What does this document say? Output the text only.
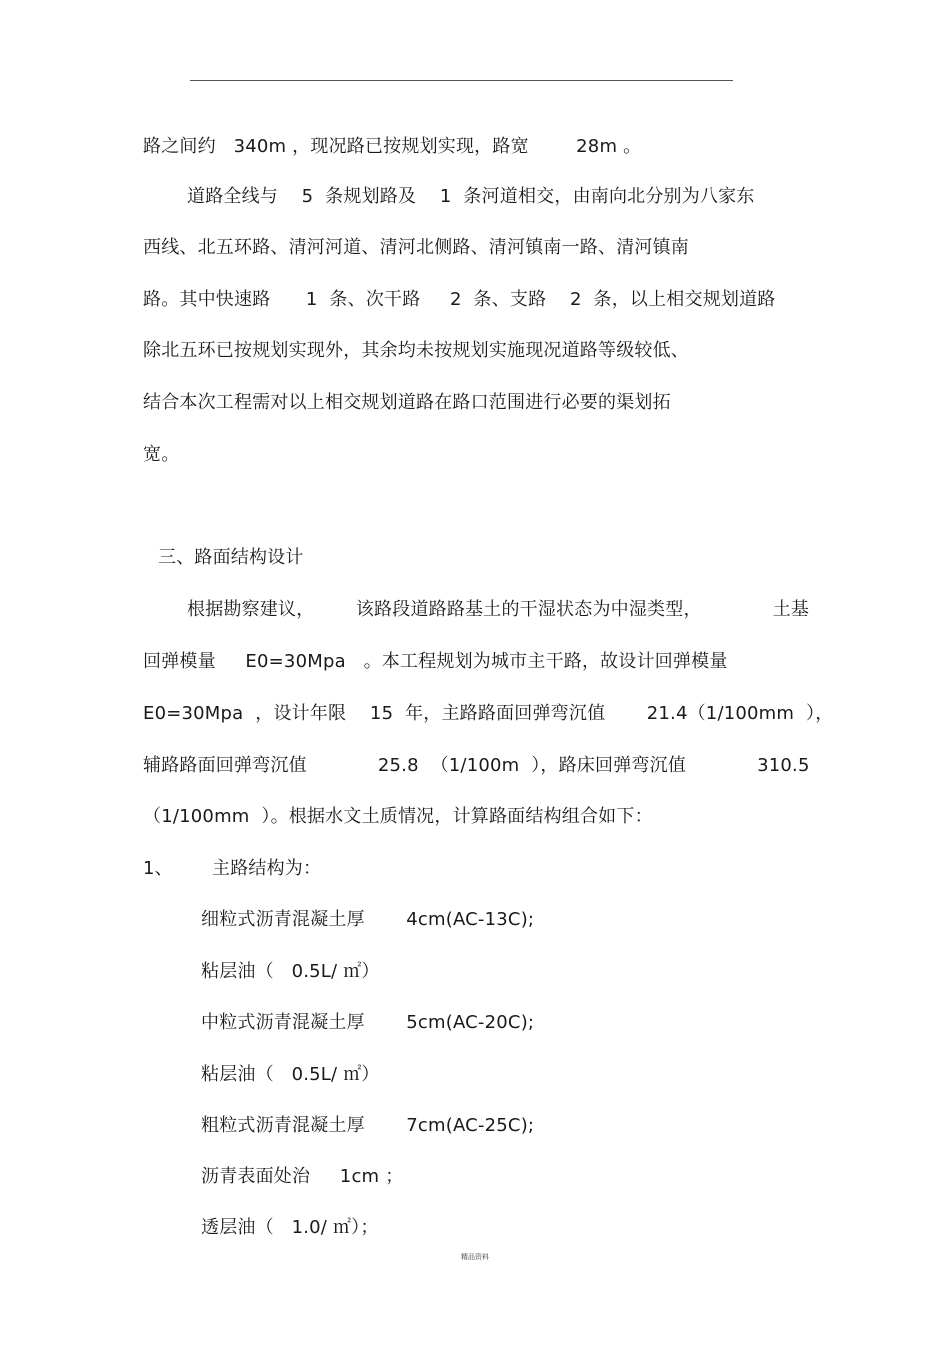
路之间约   340m ，现况路已按规划实现，路宽        28m 。
道路全线与    5  条规划路及    1  条河道相交，由南向北分别为八家东
西线、北五环路、清河河道、清河北侧路、清河镇南一路、清河镇南
路。其中快速路      1  条、次干路     2  条、支路    2  条，以上相交规划道路
除北五环已按规划实现外，其余均未按规划实施现况道路等级较低、
结合本次工程需对以上相交规划道路在路口范围进行必要的渠划拓
宽。
三、路面结构设计
根据勘察建议，       该路段道路路基土的干湿状态为中湿类型，            土基
回弹模量     E0=30Mpa   。本工程规划为城市主干路，故设计回弹模量
E0=30Mpa  ，设计年限    15  年，主路路面回弹弯沉值       21.4（1/100mm  ），
辅路路面回弹弯沉值            25.8  （1/100m  ），路床回弹弯沉值            310.5
（1/100mm  ）。根据水文土质情况，计算路面结构组合如下：
1、 主路结构为：
细粒式沥青混凝土厚       4cm(AC-13C);
粘层油（   0.5L/ ㎡）
中粒式沥青混凝土厚       5cm(AC-20C);
粘层油（   0.5L/ ㎡）
粗粒式沥青混凝土厚       7cm(AC-25C);
沥青表面处治     1cm ；
透层油（   1.0/ ㎡）；
精品资料
